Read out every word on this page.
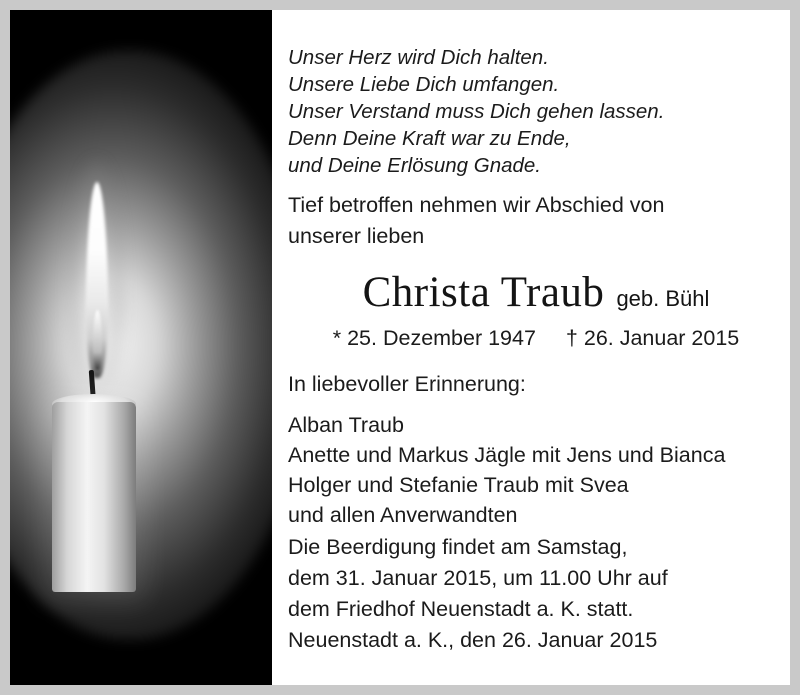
Unser Herz wird Dich halten.
Unsere Liebe Dich umfangen.
Unser Verstand muss Dich gehen lassen.
Denn Deine Kraft war zu Ende,
und Deine Erlösung Gnade.
Tief betroffen nehmen wir Abschied von
unserer lieben
Christa Traub geb. Bühl
* 25. Dezember 1947 † 26. Januar 2015
In liebevoller Erinnerung:
Alban Traub
Anette und Markus Jägle mit Jens und Bianca
Holger und Stefanie Traub mit Svea
und allen Anverwandten
Die Beerdigung findet am Samstag,
dem 31. Januar 2015, um 11.00 Uhr auf
dem Friedhof Neuenstadt a. K. statt.
Neuenstadt a. K., den 26. Januar 2015
